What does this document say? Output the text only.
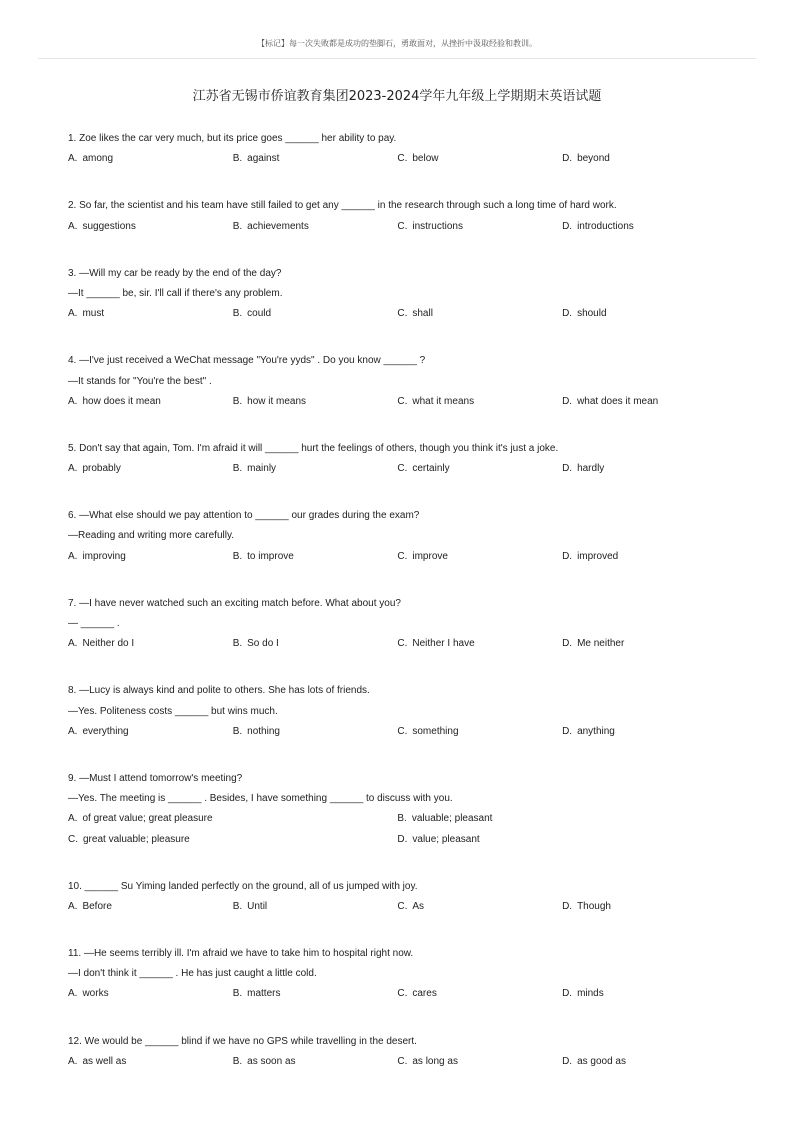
【标记】每一次失败都是成功的垫脚石，勇敢面对，从挫折中汲取经验和教训。
江苏省无锡市侨谊教育集团2023-2024学年九年级上学期期末英语试题
1. Zoe likes the car very much, but its price goes ______ her ability to pay.
A. among	B. against	C. below	D. beyond
2. So far, the scientist and his team have still failed to get any ______ in the research through such a long time of hard work.
A. suggestions	B. achievements	C. instructions	D. introductions
3. —Will my car be ready by the end of the day?
—It ______ be, sir. I'll call if there's any problem.
A. must	B. could	C. shall	D. should
4. —I've just received a WeChat message "You're yyds" . Do you know ______ ?
—It stands for "You're the best" .
A. how does it mean	B. how it means	C. what it means	D. what does it mean
5. Don't say that again, Tom. I'm afraid it will ______ hurt the feelings of others, though you think it's just a joke.
A. probably	B. mainly	C. certainly	D. hardly
6. —What else should we pay attention to ______ our grades during the exam?
—Reading and writing more carefully.
A. improving	B. to improve	C. improve	D. improved
7. —I have never watched such an exciting match before. What about you?
— ______ .
A. Neither do I	B. So do I	C. Neither I have	D. Me neither
8. —Lucy is always kind and polite to others. She has lots of friends.
—Yes. Politeness costs ______ but wins much.
A. everything	B. nothing	C. something	D. anything
9. —Must I attend tomorrow's meeting?
—Yes. The meeting is ______ . Besides, I have something ______ to discuss with you.
A. of great value; great pleasure	B. valuable; pleasant
C. great valuable; pleasure	D. value; pleasant
10. ______ Su Yiming landed perfectly on the ground, all of us jumped with joy.
A. Before	B. Until	C. As	D. Though
11. —He seems terribly ill. I'm afraid we have to take him to hospital right now.
—I don't think it ______ . He has just caught a little cold.
A. works	B. matters	C. cares	D. minds
12. We would be ______ blind if we have no GPS while travelling in the desert.
A. as well as	B. as soon as	C. as long as	D. as good as
